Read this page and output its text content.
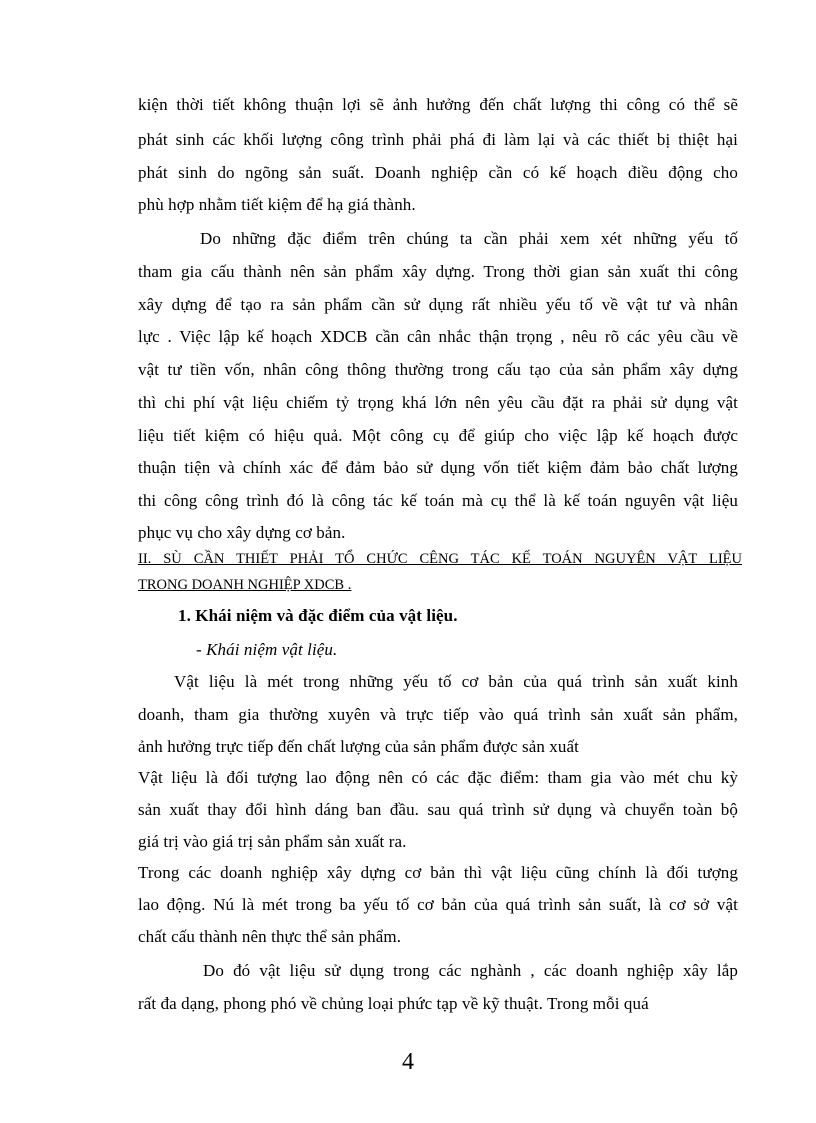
kiện thời tiết không thuận lợi sẽ ảnh hưởng đến chất lượng thi công có thể sẽ
phát sinh các khối lượng công trình phải phá đi làm lại và các thiết bị thiệt hại
phát sinh do ngõng sản suất. Doanh nghiệp cần có kế hoạch điều động cho
phù hợp nhằm tiết kiệm để hạ giá thành.
Do những đặc điểm trên chúng ta cần phải xem xét những yếu tố
tham gia cấu thành nên sản phẩm xây dựng. Trong thời gian sản xuất thi công
xây dựng để tạo ra sản phẩm cần sử dụng rất nhiều yếu tố về vật tư và nhân
lực . Việc lập kế hoạch XDCB cần cân nhắc thận trọng , nêu rõ các yêu cầu về
vật tư tiền vốn, nhân công thông thường trong cấu tạo của sản phẩm xây dựng
thì chi phí vật liệu chiếm tỷ trọng khá lớn nên yêu cầu đặt ra phải sử dụng vật
liệu tiết kiệm có hiệu quả. Một công cụ để giúp cho việc lập kế hoạch được
thuận tiện và chính xác để đảm bảo sử dụng vốn tiết kiệm đảm bảo chất lượng
thi công công trình đó là công tác kế toán mà cụ thể là kế toán nguyên vật liệu
phục vụ cho xây dựng cơ bản.
II. SÙ CẦN THIẾT PHẢI TỔ CHỨC CÊNG TÁC KẾ TOÁN NGUYÊN VẬT LIỆU
TRONG DOANH NGHIỆP XDCB .
1. Khái niệm và đặc điểm của vật liệu.
- Khái niệm vật liệu.
Vật liệu là mét trong những yếu tố cơ bản của quá trình sản xuất kinh
doanh, tham gia thường xuyên và trực tiếp vào quá trình sản xuất sản phẩm,
ảnh hưởng trực tiếp đến chất lượng của sản phẩm được sản xuất
Vật liệu là đối tượng lao động nên có các đặc điểm: tham gia vào mét chu kỳ
sản xuất thay đổi hình dáng ban đầu. sau quá trình sử dụng và chuyển toàn bộ
giá trị vào giá trị sản phẩm sản xuất ra.
Trong các doanh nghiệp xây dựng cơ bản thì vật liệu cũng chính là đối tượng
lao động. Nú là mét trong ba yếu tố cơ bản của quá trình sản suất, là cơ sở vật
chất cấu thành nên thực thể sản phẩm.
Do đó vật liệu sử dụng trong các nghành , các doanh nghiệp xây lắp
rất đa dạng, phong phó về chủng loại phức tạp về kỹ thuật. Trong mỗi quá
4
